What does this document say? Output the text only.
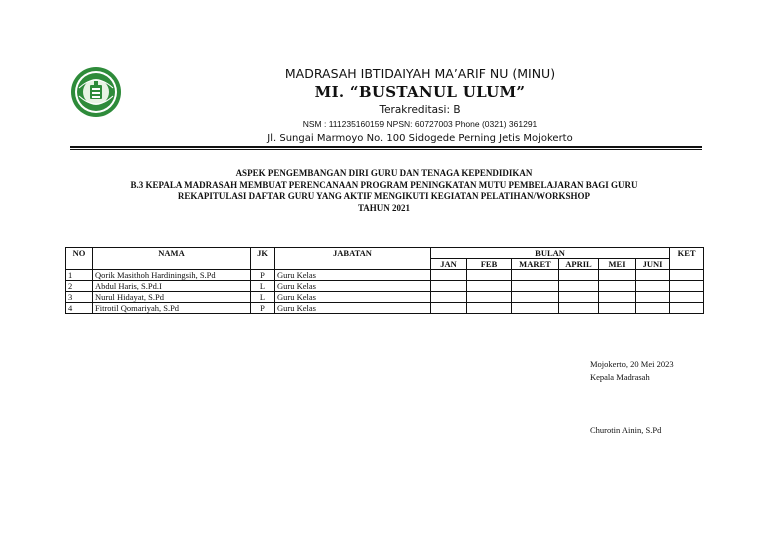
MADRASAH IBTIDAIYAH MA’ARIF NU (MINU)
MI. “BUSTANUL ULUM”
Terakreditasi: B
NSM : 111235160159 NPSN: 60727003 Phone (0321) 361291
Jl. Sungai Marmoyo No. 100 Sidogede Perning Jetis Mojokerto
ASPEK PENGEMBANGAN DIRI GURU DAN TENAGA KEPENDIDIKAN
B.3 KEPALA MADRASAH MEMBUAT PERENCANAAN PROGRAM PENINGKATAN MUTU PEMBELAJARAN BAGI GURU
REKAPITULASI DAFTAR GURU YANG AKTIF MENGIKUTI KEGIATAN PELATIHAN/WORKSHOP
TAHUN 2021
NO	NAMA	JK	JABATAN	BULAN						KET
				JAN	FEB	MARET	APRIL	MEI	JUNI	
1	Qorik Masithoh Hardiningsih, S.Pd	P	Guru Kelas							
2	Abdul Haris, S.Pd.I	L	Guru Kelas							
3	Nurul Hidayat, S.Pd	L	Guru Kelas							
4	Fitrotil Qomariyah, S.Pd	P	Guru Kelas							
Mojokerto, 20 Mei 2023
Kepala Madrasah
Churotin Ainin, S.Pd
